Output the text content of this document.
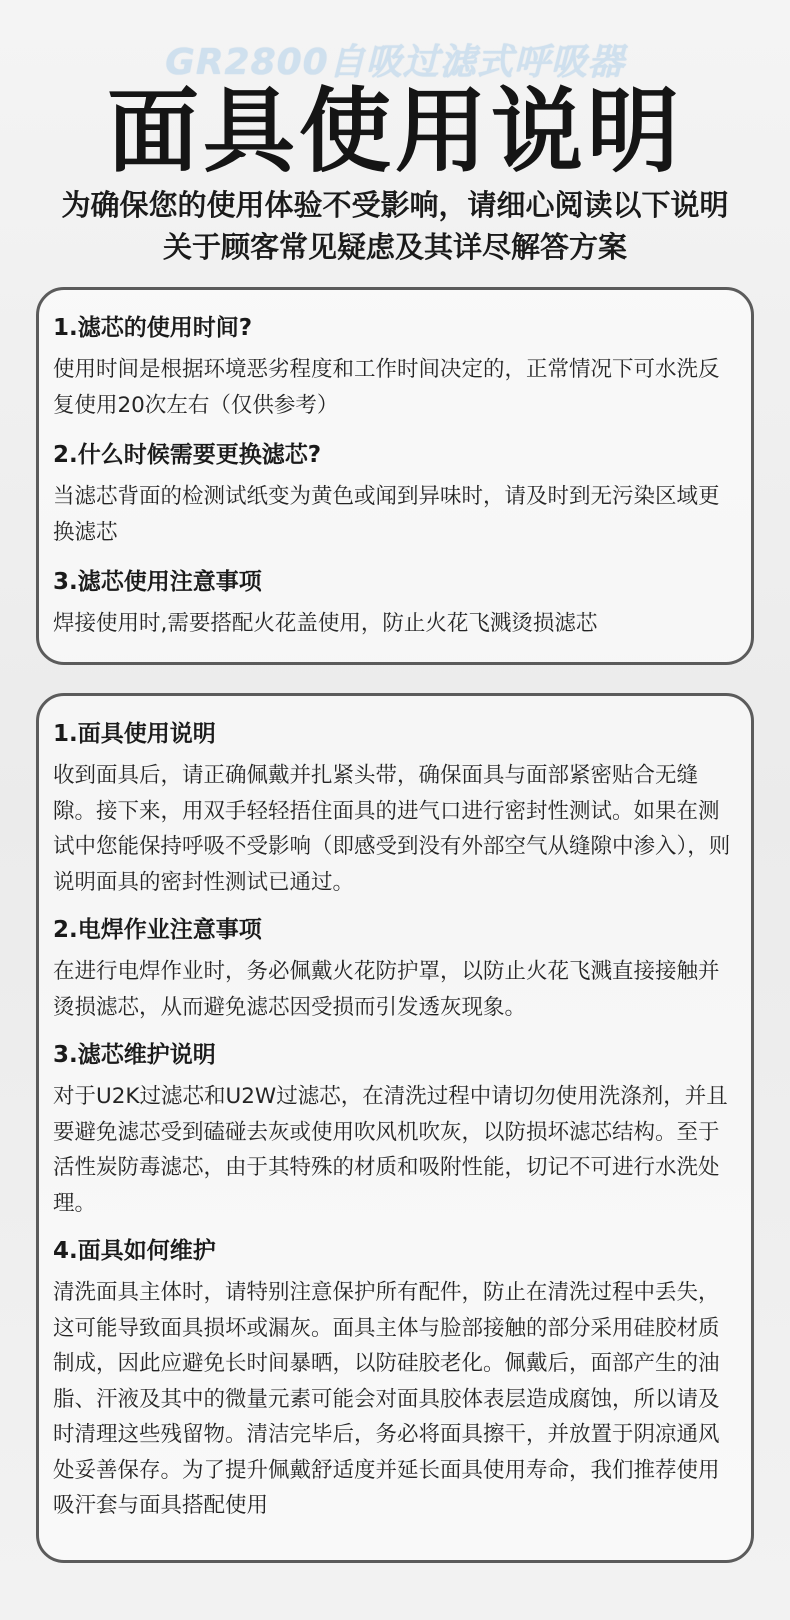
GR2800自吸过滤式呼吸器
面具使用说明
为确保您的使用体验不受影响，请细心阅读以下说明
关于顾客常见疑虑及其详尽解答方案
1.滤芯的使用时间?
使用时间是根据环境恶劣程度和工作时间决定的，正常情况下可水洗反复使用20次左右（仅供参考）
2.什么时候需要更换滤芯?
当滤芯背面的检测试纸变为黄色或闻到异味时，请及时到无污染区域更换滤芯
3.滤芯使用注意事项
焊接使用时,需要搭配火花盖使用，防止火花飞溅烫损滤芯
1.面具使用说明
收到面具后，请正确佩戴并扎紧头带，确保面具与面部紧密贴合无缝隙。接下来，用双手轻轻捂住面具的进气口进行密封性测试。如果在测试中您能保持呼吸不受影响（即感受到没有外部空气从缝隙中渗入），则说明面具的密封性测试已通过。
2.电焊作业注意事项
在进行电焊作业时，务必佩戴火花防护罩，以防止火花飞溅直接接触并烫损滤芯，从而避免滤芯因受损而引发透灰现象。
3.滤芯维护说明
对于U2K过滤芯和U2W过滤芯，在清洗过程中请切勿使用洗涤剂，并且要避免滤芯受到磕碰去灰或使用吹风机吹灰，以防损坏滤芯结构。至于活性炭防毒滤芯，由于其特殊的材质和吸附性能，切记不可进行水洗处理。
4.面具如何维护
清洗面具主体时，请特别注意保护所有配件，防止在清洗过程中丢失，这可能导致面具损坏或漏灰。面具主体与脸部接触的部分采用硅胶材质制成，因此应避免长时间暴晒，以防硅胶老化。佩戴后，面部产生的油脂、汗液及其中的微量元素可能会对面具胶体表层造成腐蚀，所以请及时清理这些残留物。清洁完毕后，务必将面具擦干，并放置于阴凉通风处妥善保存。为了提升佩戴舒适度并延长面具使用寿命，我们推荐使用吸汗套与面具搭配使用
